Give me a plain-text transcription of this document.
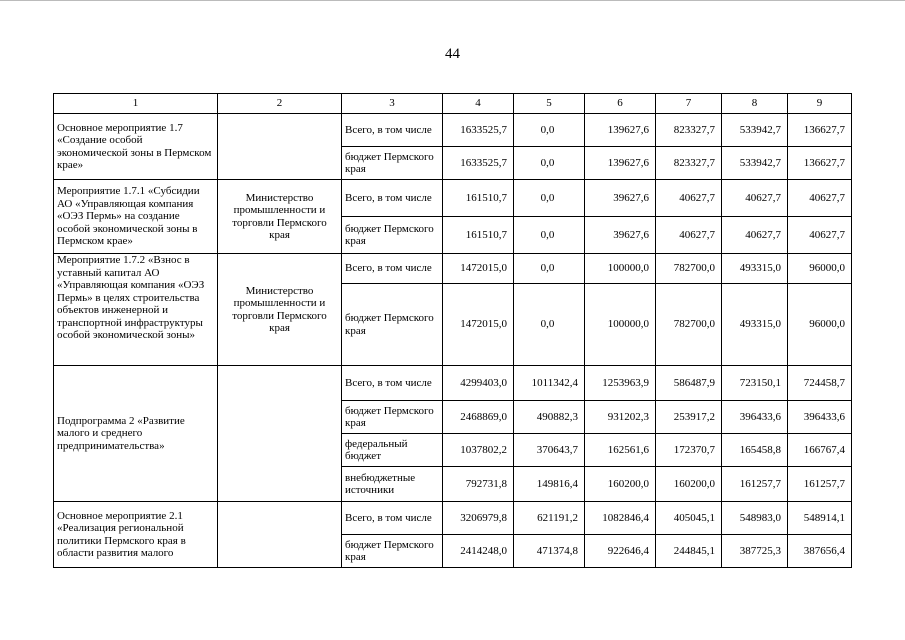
44
1	2	3	4	5	6	7	8	9
Основное мероприятие 1.7 «Создание особой экономической зоны в Пермском крае»		Всего, в том числе	1633525,7	0,0	139627,6	823327,7	533942,7	136627,7
		бюджет Пермского края	1633525,7	0,0	139627,6	823327,7	533942,7	136627,7
Мероприятие 1.7.1 «Субсидии АО «Управляющая компания «ОЭЗ Пермь» на создание особой экономической зоны в Пермском крае»	Министерство промышленности и торговли Пермского края	Всего, в том числе	161510,7	0,0	39627,6	40627,7	40627,7	40627,7
		бюджет Пермского края	161510,7	0,0	39627,6	40627,7	40627,7	40627,7
Мероприятие 1.7.2 «Взнос в уставный капитал АО «Управляющая компания «ОЭЗ Пермь» в целях строительства объектов инженерной и транспортной инфраструктуры особой экономической зоны»	Министерство промышленности и торговли Пермского края	Всего, в том числе	1472015,0	0,0	100000,0	782700,0	493315,0	96000,0
		бюджет Пермского края	1472015,0	0,0	100000,0	782700,0	493315,0	96000,0
Подпрограмма 2 «Развитие малого и среднего предпринимательства»		Всего, в том числе	4299403,0	1011342,4	1253963,9	586487,9	723150,1	724458,7
		бюджет Пермского края	2468869,0	490882,3	931202,3	253917,2	396433,6	396433,6
		федеральный бюджет	1037802,2	370643,7	162561,6	172370,7	165458,8	166767,4
		внебюджетные источники	792731,8	149816,4	160200,0	160200,0	161257,7	161257,7
Основное мероприятие 2.1 «Реализация региональной политики Пермского края в области развития малого		Всего, в том числе	3206979,8	621191,2	1082846,4	405045,1	548983,0	548914,1
		бюджет Пермского края	2414248,0	471374,8	922646,4	244845,1	387725,3	387656,4
